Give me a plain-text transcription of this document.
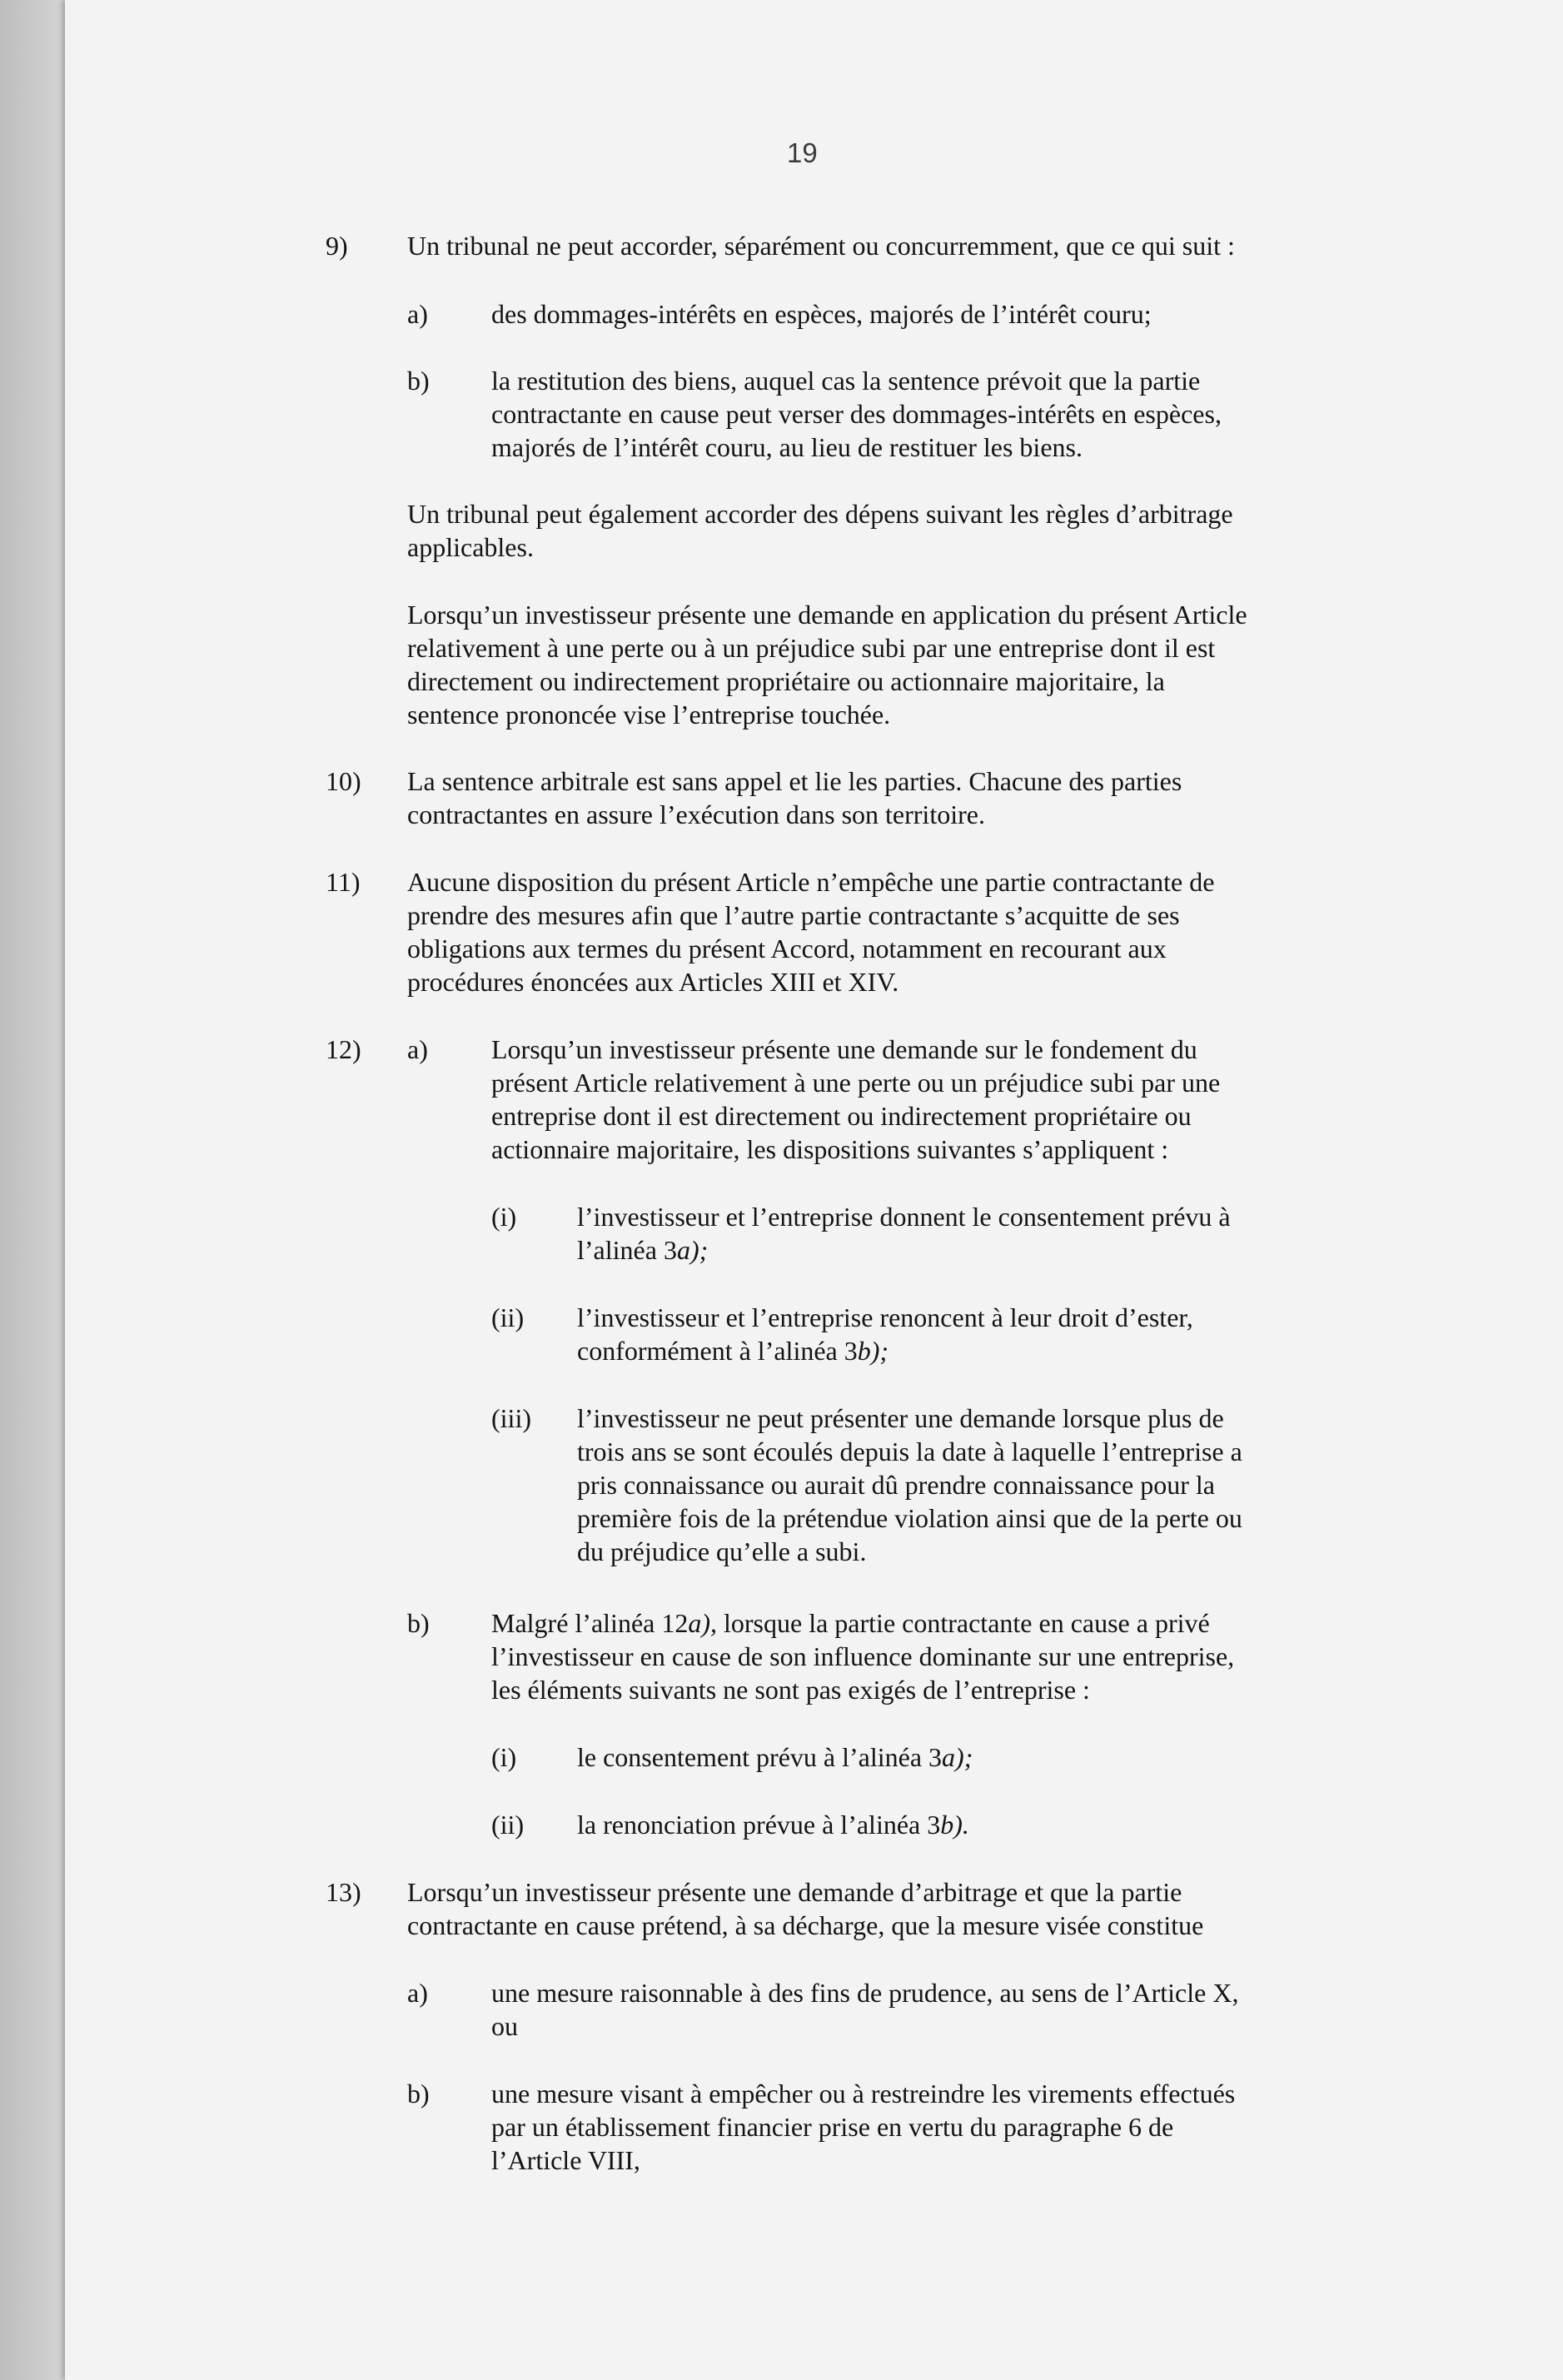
19

9) Un tribunal ne peut accorder, séparément ou concurremment, que ce qui suit :

a) des dommages-intérêts en espèces, majorés de l’intérêt couru;

b) la restitution des biens, auquel cas la sentence prévoit que la partie

contractante en cause peut verser des dommages-intérêts en espèces,

majorés de l’intérêt couru, au lieu de restituer les biens.

Un tribunal peut également accorder des dépens suivant les règles d’arbitrage

applicables.

Lorsqu’un investisseur présente une demande en application du présent Article

relativement à une perte ou à un préjudice subi par une entreprise dont il est

directement ou indirectement propriétaire ou actionnaire majoritaire, la

sentence prononcée vise l’entreprise touchée.

10) La sentence arbitrale est sans appel et lie les parties. Chacune des parties

contractantes en assure l’exécution dans son territoire.

11) Aucune disposition du présent Article n’empêche une partie contractante de

prendre des mesures afin que l’autre partie contractante s’acquitte de ses

obligations aux termes du présent Accord, notamment en recourant aux

procédures énoncées aux Articles XIII et XIV.

12) a) Lorsqu’un investisseur présente une demande sur le fondement du

présent Article relativement à une perte ou un préjudice subi par une

entreprise dont il est directement ou indirectement propriétaire ou

actionnaire majoritaire, les dispositions suivantes s’appliquent :

(i) l’investisseur et l’entreprise donnent le consentement prévu à

l’alinéa 3a);

(ii) l’investisseur et l’entreprise renoncent à leur droit d’ester,

conformément à l’alinéa 3b);

(iii) l’investisseur ne peut présenter une demande lorsque plus de

trois ans se sont écoulés depuis la date à laquelle l’entreprise a

pris connaissance ou aurait dû prendre connaissance pour la

première fois de la prétendue violation ainsi que de la perte ou

du préjudice qu’elle a subi.

b) Malgré l’alinéa 12a), lorsque la partie contractante en cause a privé

l’investisseur en cause de son influence dominante sur une entreprise,

les éléments suivants ne sont pas exigés de l’entreprise :

(i) le consentement prévu à l’alinéa 3a);

(ii) la renonciation prévue à l’alinéa 3b).

13) Lorsqu’un investisseur présente une demande d’arbitrage et que la partie

contractante en cause prétend, à sa décharge, que la mesure visée constitue

a) une mesure raisonnable à des fins de prudence, au sens de l’Article X,

ou

b) une mesure visant à empêcher ou à restreindre les virements effectués

par un établissement financier prise en vertu du paragraphe 6 de

l’Article VIII,
